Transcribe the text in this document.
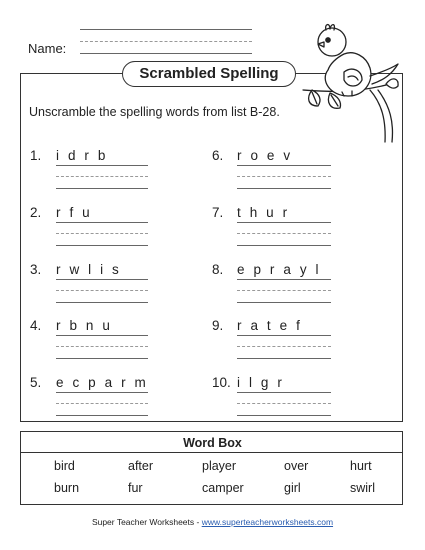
Name:
Scrambled Spelling
Unscramble the spelling words from list B-28.
1. i d r b
2. r f u
3. r w l i s
4. r b n u
5. e c p a r m
6. r o e v
7. t h u r
8. e p r a y l
9. r a t e f
10. i l g r
Word Box
bird	after	player	over	hurt
burn	fur	camper	girl	swirl
Super Teacher Worksheets - www.superteacherworksheets.com
